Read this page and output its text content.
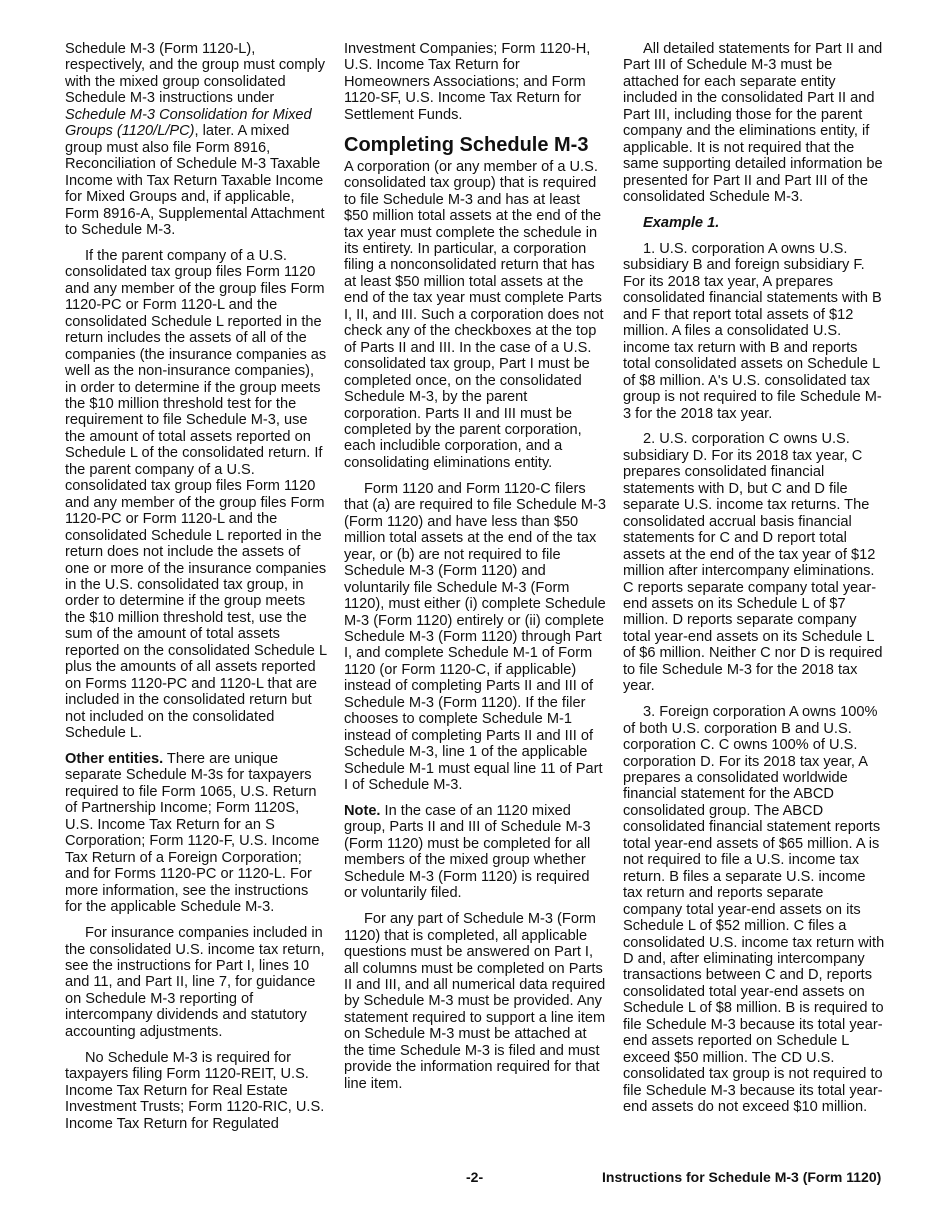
Schedule M-3 (Form 1120-L), respectively, and the group must comply with the mixed group consolidated Schedule M-3 instructions under Schedule M-3 Consolidation for Mixed Groups (1120/L/PC), later. A mixed group must also file Form 8916, Reconciliation of Schedule M-3 Taxable Income with Tax Return Taxable Income for Mixed Groups and, if applicable, Form 8916-A, Supplemental Attachment to Schedule M-3.

If the parent company of a U.S. consolidated tax group files Form 1120 and any member of the group files Form 1120-PC or Form 1120-L and the consolidated Schedule L reported in the return includes the assets of all of the companies (the insurance companies as well as the non-insurance companies), in order to determine if the group meets the $10 million threshold test for the requirement to file Schedule M-3, use the amount of total assets reported on Schedule L of the consolidated return. If the parent company of a U.S. consolidated tax group files Form 1120 and any member of the group files Form 1120-PC or Form 1120-L and the consolidated Schedule L reported in the return does not include the assets of one or more of the insurance companies in the U.S. consolidated tax group, in order to determine if the group meets the $10 million threshold test, use the sum of the amount of total assets reported on the consolidated Schedule L plus the amounts of all assets reported on Forms 1120-PC and 1120-L that are included in the consolidated return but not included on the consolidated Schedule L.

Other entities. There are unique separate Schedule M-3s for taxpayers required to file Form 1065, U.S. Return of Partnership Income; Form 1120S, U.S. Income Tax Return for an S Corporation; Form 1120-F, U.S. Income Tax Return of a Foreign Corporation; and for Forms 1120-PC or 1120-L. For more information, see the instructions for the applicable Schedule M-3.

For insurance companies included in the consolidated U.S. income tax return, see the instructions for Part I, lines 10 and 11, and Part II, line 7, for guidance on Schedule M-3 reporting of intercompany dividends and statutory accounting adjustments.

No Schedule M-3 is required for taxpayers filing Form 1120-REIT, U.S. Income Tax Return for Real Estate Investment Trusts; Form 1120-RIC, U.S. Income Tax Return for Regulated

Investment Companies; Form 1120-H, U.S. Income Tax Return for Homeowners Associations; and Form 1120-SF, U.S. Income Tax Return for Settlement Funds.

Completing Schedule M-3

A corporation (or any member of a U.S. consolidated tax group) that is required to file Schedule M-3 and has at least $50 million total assets at the end of the tax year must complete the schedule in its entirety. In particular, a corporation filing a nonconsolidated return that has at least $50 million total assets at the end of the tax year must complete Parts I, II, and III. Such a corporation does not check any of the checkboxes at the top of Parts II and III. In the case of a U.S. consolidated tax group, Part I must be completed once, on the consolidated Schedule M-3, by the parent corporation. Parts II and III must be completed by the parent corporation, each includible corporation, and a consolidating eliminations entity.

Form 1120 and Form 1120-C filers that (a) are required to file Schedule M-3 (Form 1120) and have less than $50 million total assets at the end of the tax year, or (b) are not required to file Schedule M-3 (Form 1120) and voluntarily file Schedule M-3 (Form 1120), must either (i) complete Schedule M-3 (Form 1120) entirely or (ii) complete Schedule M-3 (Form 1120) through Part I, and complete Schedule M-1 of Form 1120 (or Form 1120-C, if applicable) instead of completing Parts II and III of Schedule M-3 (Form 1120). If the filer chooses to complete Schedule M-1 instead of completing Parts II and III of Schedule M-3, line 1 of the applicable Schedule M-1 must equal line 11 of Part I of Schedule M-3.

Note. In the case of an 1120 mixed group, Parts II and III of Schedule M-3 (Form 1120) must be completed for all members of the mixed group whether Schedule M-3 (Form 1120) is required or voluntarily filed.

For any part of Schedule M-3 (Form 1120) that is completed, all applicable questions must be answered on Part I, all columns must be completed on Parts II and III, and all numerical data required by Schedule M-3 must be provided. Any statement required to support a line item on Schedule M-3 must be attached at the time Schedule M-3 is filed and must provide the information required for that line item.

All detailed statements for Part II and Part III of Schedule M-3 must be attached for each separate entity included in the consolidated Part II and Part III, including those for the parent company and the eliminations entity, if applicable. It is not required that the same supporting detailed information be presented for Part II and Part III of the consolidated Schedule M-3.

Example 1.

1. U.S. corporation A owns U.S. subsidiary B and foreign subsidiary F. For its 2018 tax year, A prepares consolidated financial statements with B and F that report total assets of $12 million. A files a consolidated U.S. income tax return with B and reports total consolidated assets on Schedule L of $8 million. A's U.S. consolidated tax group is not required to file Schedule M-3 for the 2018 tax year.

2. U.S. corporation C owns U.S. subsidiary D. For its 2018 tax year, C prepares consolidated financial statements with D, but C and D file separate U.S. income tax returns. The consolidated accrual basis financial statements for C and D report total assets at the end of the tax year of $12 million after intercompany eliminations. C reports separate company total year-end assets on its Schedule L of $7 million. D reports separate company total year-end assets on its Schedule L of $6 million. Neither C nor D is required to file Schedule M-3 for the 2018 tax year.

3. Foreign corporation A owns 100% of both U.S. corporation B and U.S. corporation C. C owns 100% of U.S. corporation D. For its 2018 tax year, A prepares a consolidated worldwide financial statement for the ABCD consolidated group. The ABCD consolidated financial statement reports total year-end assets of $65 million. A is not required to file a U.S. income tax return. B files a separate U.S. income tax return and reports separate company total year-end assets on its Schedule L of $52 million. C files a consolidated U.S. income tax return with D and, after eliminating intercompany transactions between C and D, reports consolidated total year-end assets on Schedule L of $8 million. B is required to file Schedule M-3 because its total year-end assets reported on Schedule L exceed $50 million. The CD U.S. consolidated tax group is not required to file Schedule M-3 because its total year-end assets do not exceed $10 million.

-2-	Instructions for Schedule M-3 (Form 1120)
